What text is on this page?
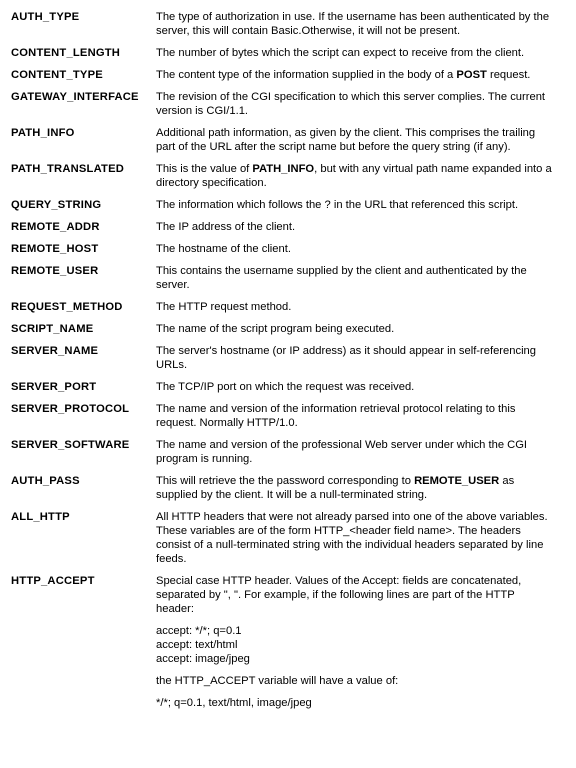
AUTH_TYPE	The type of authorization in use. If the username has been authenticated by the server, this will contain Basic.Otherwise, it will not be present.
CONTENT_LENGTH	The number of bytes which the script can expect to receive from the client.
CONTENT_TYPE	The content type of the information supplied in the body of a POST request.
GATEWAY_INTERFACE	The revision of the CGI specification to which this server complies. The current version is CGI/1.1.
PATH_INFO	Additional path information, as given by the client. This comprises the trailing part of the URL after the script name but before the query string (if any).
PATH_TRANSLATED	This is the value of PATH_INFO, but with any virtual path name expanded into a directory specification.
QUERY_STRING	The information which follows the ? in the URL that referenced this script.
REMOTE_ADDR	The IP address of the client.
REMOTE_HOST	The hostname of the client.
REMOTE_USER	This contains the username supplied by the client and authenticated by the server.
REQUEST_METHOD	The HTTP request method.
SCRIPT_NAME	The name of the script program being executed.
SERVER_NAME	The server's hostname (or IP address) as it should appear in self-referencing URLs.
SERVER_PORT	The TCP/IP port on which the request was received.
SERVER_PROTOCOL	The name and version of the information retrieval protocol relating to this request. Normally HTTP/1.0.
SERVER_SOFTWARE	The name and version of the professional Web server under which the CGI program is running.
AUTH_PASS	This will retrieve the the password corresponding to REMOTE_USER as supplied by the client. It will be a null-terminated string.
ALL_HTTP	All HTTP headers that were not already parsed into one of the above variables. These variables are of the form HTTP_<header field name>. The headers consist of a null-terminated string with the individual headers separated by line feeds.
HTTP_ACCEPT	Special case HTTP header. Values of the Accept: fields are concatenated, separated by ", ". For example, if the following lines are part of the HTTP header:

accept: */*; q=0.1
accept: text/html
accept: image/jpeg

the HTTP_ACCEPT variable will have a value of:

*/*; q=0.1, text/html, image/jpeg
